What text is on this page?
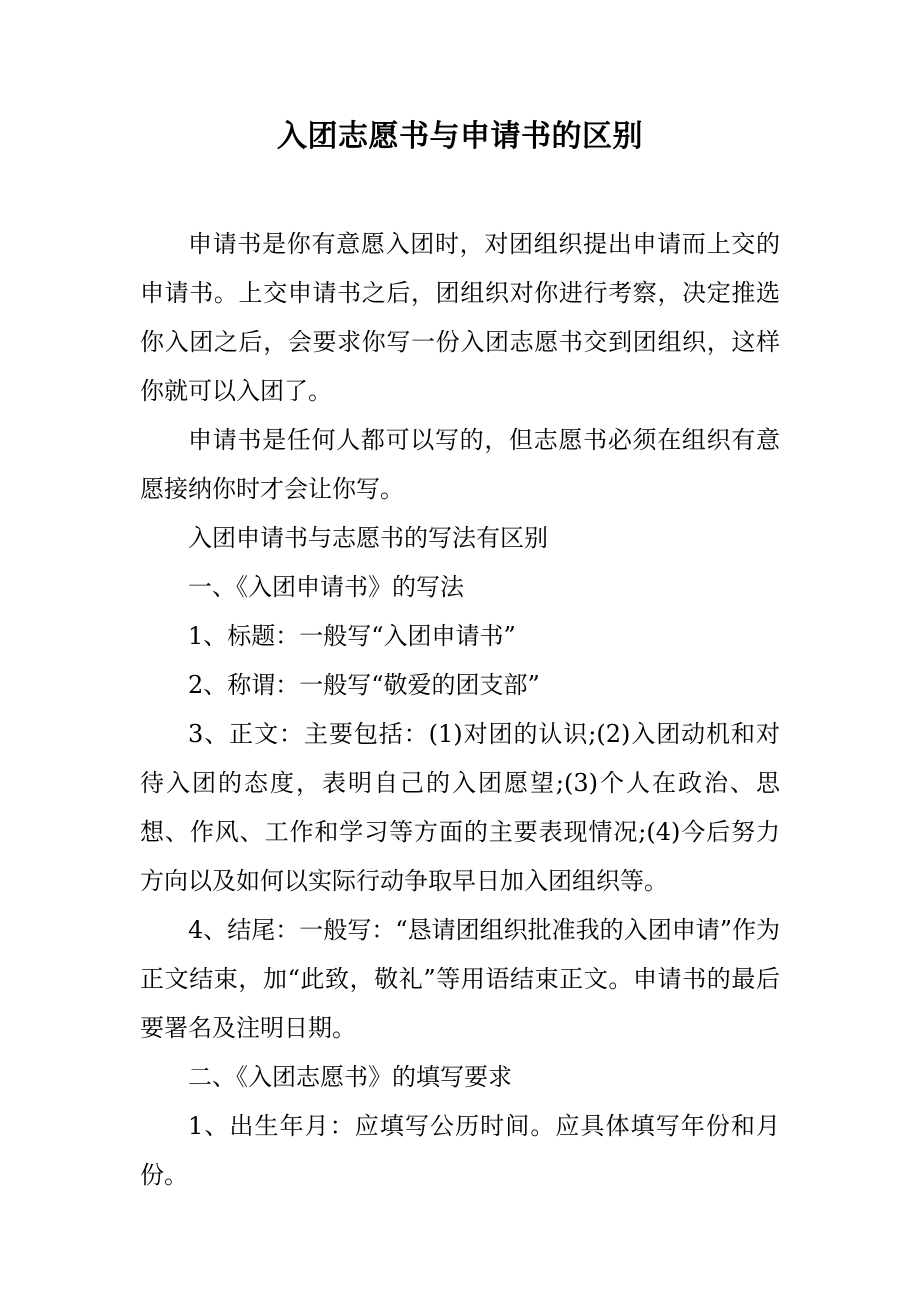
入团志愿书与申请书的区别

申请书是你有意愿入团时，对团组织提出申请而上交的申请书。上交申请书之后，团组织对你进行考察，决定推选你入团之后，会要求你写一份入团志愿书交到团组织，这样你就可以入团了。

申请书是任何人都可以写的，但志愿书必须在组织有意愿接纳你时才会让你写。

入团申请书与志愿书的写法有区别

一、《入团申请书》的写法

1、标题：一般写“入团申请书”

2、称谓：一般写“敬爱的团支部”

3、正文：主要包括：(1)对团的认识;(2)入团动机和对待入团的态度，表明自己的入团愿望;(3)个人在政治、思想、作风、工作和学习等方面的主要表现情况;(4)今后努力方向以及如何以实际行动争取早日加入团组织等。

4、结尾：一般写：“恳请团组织批准我的入团申请”作为正文结束，加“此致，敬礼”等用语结束正文。申请书的最后要署名及注明日期。

二、《入团志愿书》的填写要求

1、出生年月：应填写公历时间。应具体填写年份和月份。
